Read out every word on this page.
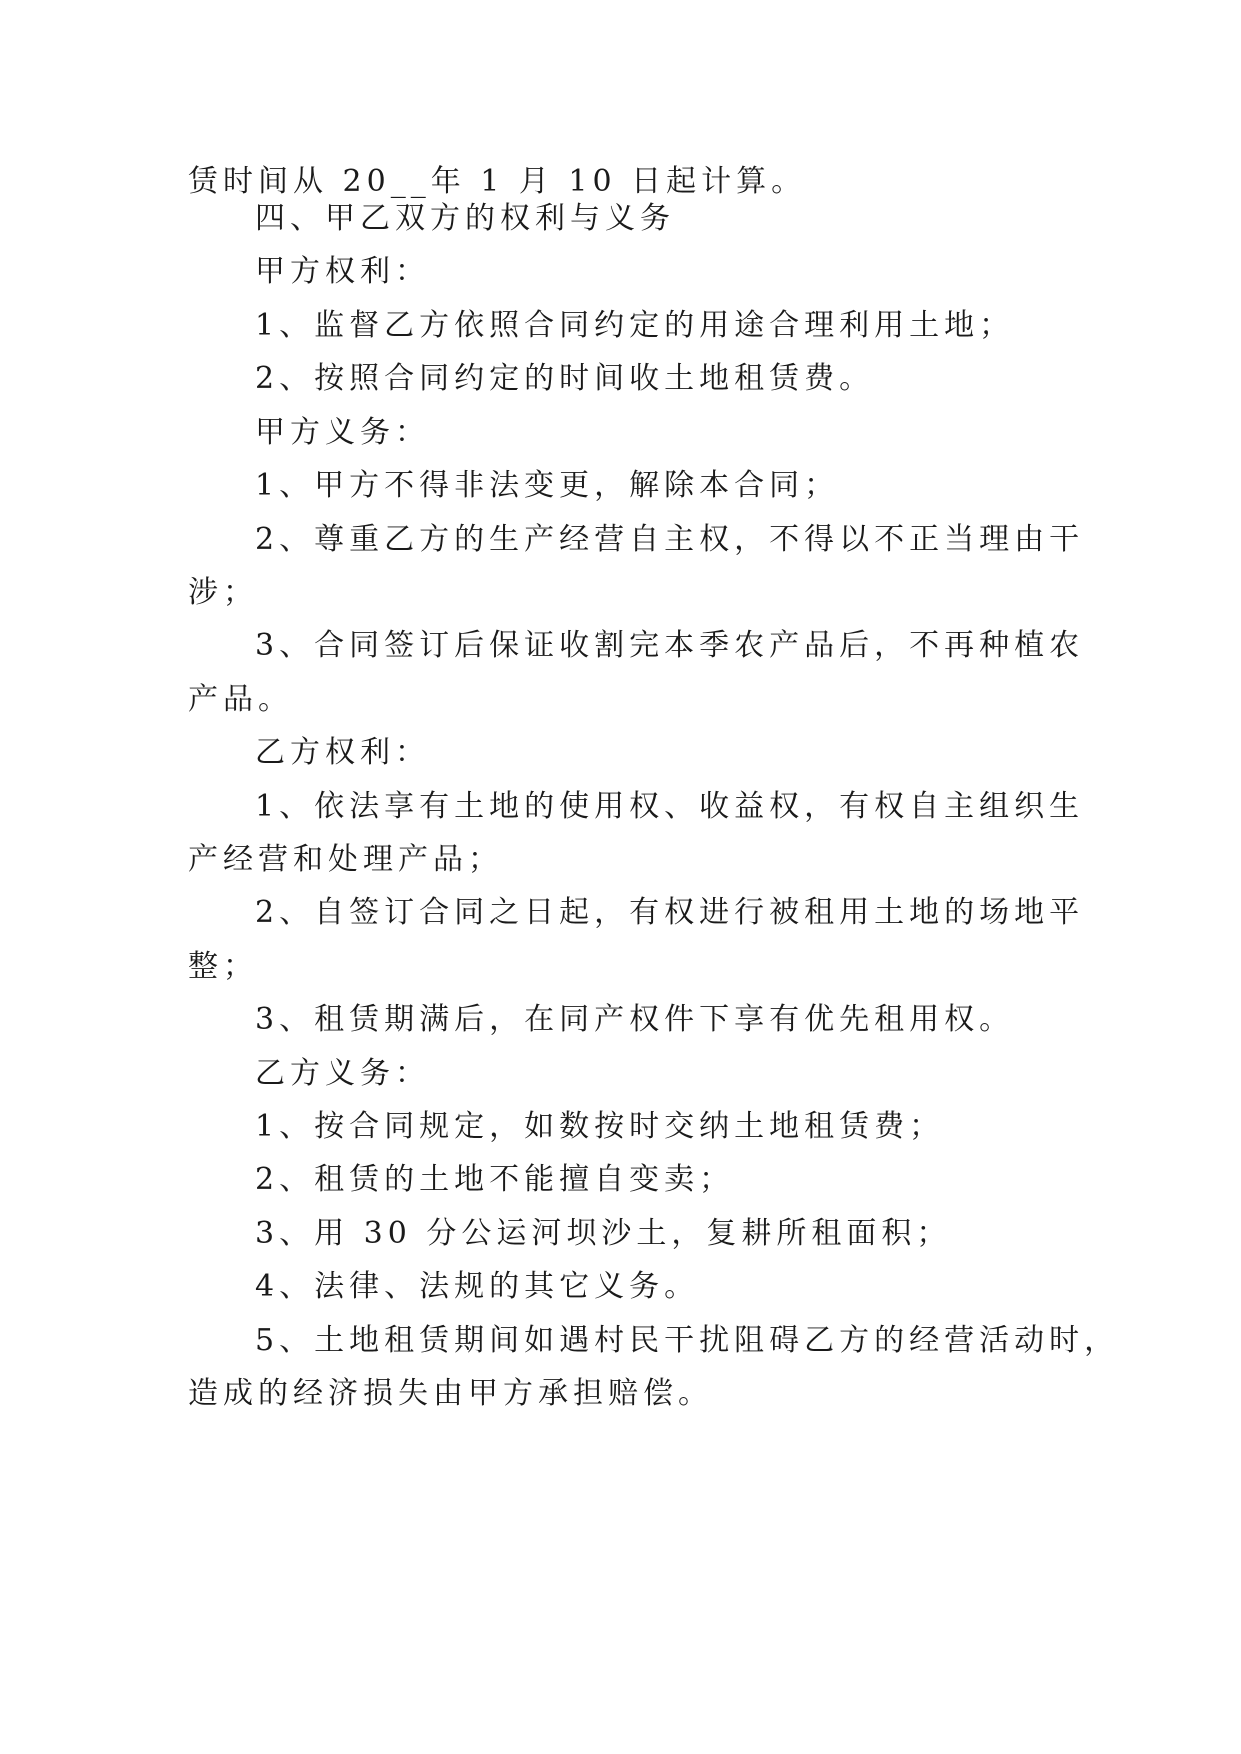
赁时间从 20__年 1 月 10 日起计算。
四、甲乙双方的权利与义务
甲方权利：
1、监督乙方依照合同约定的用途合理利用土地；
2、按照合同约定的时间收土地租赁费。
甲方义务：
1、甲方不得非法变更，解除本合同；
2、尊重乙方的生产经营自主权，不得以不正当理由干
涉；
3、合同签订后保证收割完本季农产品后，不再种植农
产品。
乙方权利：
1、依法享有土地的使用权、收益权，有权自主组织生
产经营和处理产品；
2、自签订合同之日起，有权进行被租用土地的场地平
整；
3、租赁期满后，在同产权件下享有优先租用权。
乙方义务：
1、按合同规定，如数按时交纳土地租赁费；
2、租赁的土地不能擅自变卖；
3、用 30 分公运河坝沙土，复耕所租面积；
4、法律、法规的其它义务。
5、土地租赁期间如遇村民干扰阻碍乙方的经营活动时，
造成的经济损失由甲方承担赔偿。
